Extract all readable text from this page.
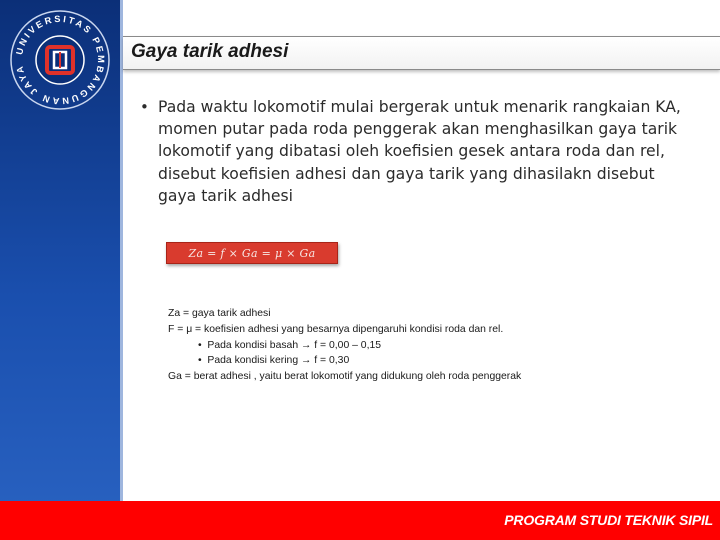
UNIVERSITAS PEMBANGUNAN JAYA
Gaya tarik adhesi
• Pada waktu lokomotif mulai bergerak untuk menarik rangkaian KA, momen putar pada roda penggerak akan menghasilkan gaya tarik lokomotif yang dibatasi oleh koefisien gesek antara roda dan rel, disebut koefisien adhesi dan gaya tarik yang dihasilakn disebut gaya tarik adhesi
Za = f × Ga = μ × Ga
Za = gaya tarik adhesi
F = μ = koefisien adhesi yang besarnya dipengaruhi kondisi roda dan rel.
•  Pada kondisi basah → f = 0,00 – 0,15
•  Pada kondisi kering → f = 0,30
Ga = berat adhesi , yaitu berat lokomotif yang didukung oleh roda penggerak
PROGRAM STUDI TEKNIK SIPIL
